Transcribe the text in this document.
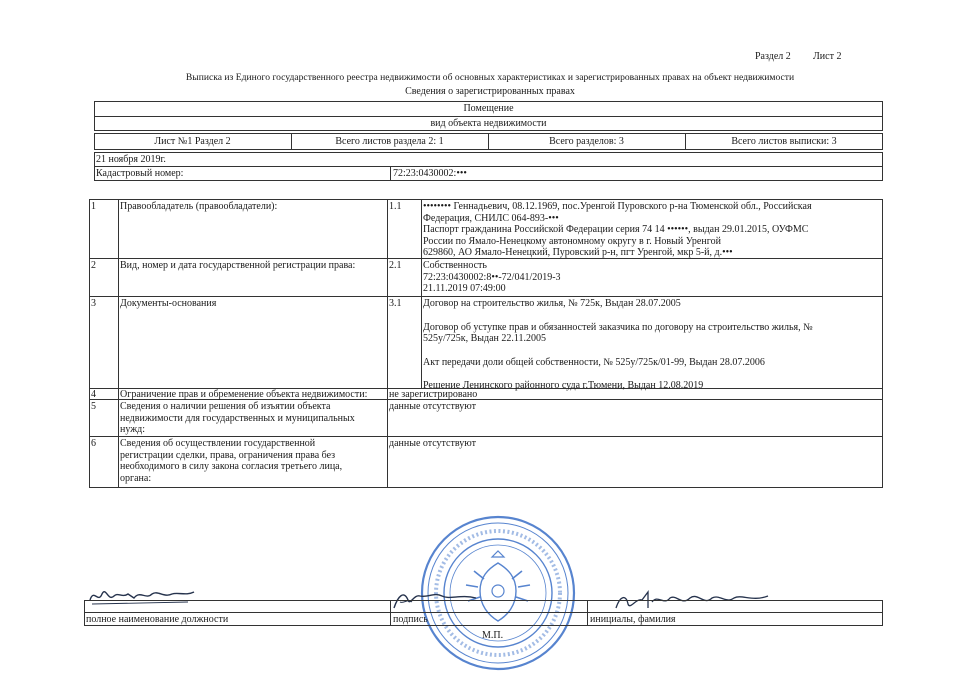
Раздел 2 Лист 2
Выписка из Единого государственного реестра недвижимости об основных характеристиках и зарегистрированных правах на объект недвижимости
Сведения о зарегистрированных правах
Помещение
вид объекта недвижимости
Лист №1 Раздел 2	Всего листов раздела 2: 1	Всего разделов: 3	Всего листов выписки: 3
21 ноября 2019г.
Кадастровый номер:	72:23:0430002:•••
1	Правообладатель (правообладатели):	1.1	•••••••• Геннадьевич, 08.12.1969, пос.Уренгой Пуровского р-на Тюменской обл., Российская
Федерация, СНИЛС 064-893-•••
Паспорт гражданина Российской Федерации серия 74 14 ••••••, выдан 29.01.2015, ОУФМС
России по Ямало-Ненецкому автономному округу в г. Новый Уренгой
629860, АО Ямало-Ненецкий, Пуровский р-н, пгт Уренгой, мкр 5-й, д.•••
2	Вид, номер и дата государственной регистрации права:	2.1	Собственность
72:23:0430002:8••-72/041/2019-3
21.11.2019 07:49:00
3	Документы-основания	3.1	Договор на строительство жилья, № 725к, Выдан 28.07.2005
Договор об уступке прав и обязанностей заказчика по договору на строительство жилья, №
525у/725к, Выдан 22.11.2005
Акт передачи доли общей собственности, № 525у/725к/01-99, Выдан 28.07.2006
Решение Ленинского районного суда г.Тюмени, Выдан 12.08.2019
4	Ограничение прав и обременение объекта недвижимости:	не зарегистрировано
5	Сведения о наличии решения об изъятии объекта
недвижимости для государственных и муниципальных
нужд:
данные отсутствуют
6	Сведения об осуществлении государственной
регистрации сделки, права, ограничения права без
необходимого в силу закона согласия третьего лица,
органа:
данные отсутствуют
полное наименование должности	подпись	инициалы, фамилия
М.П.
